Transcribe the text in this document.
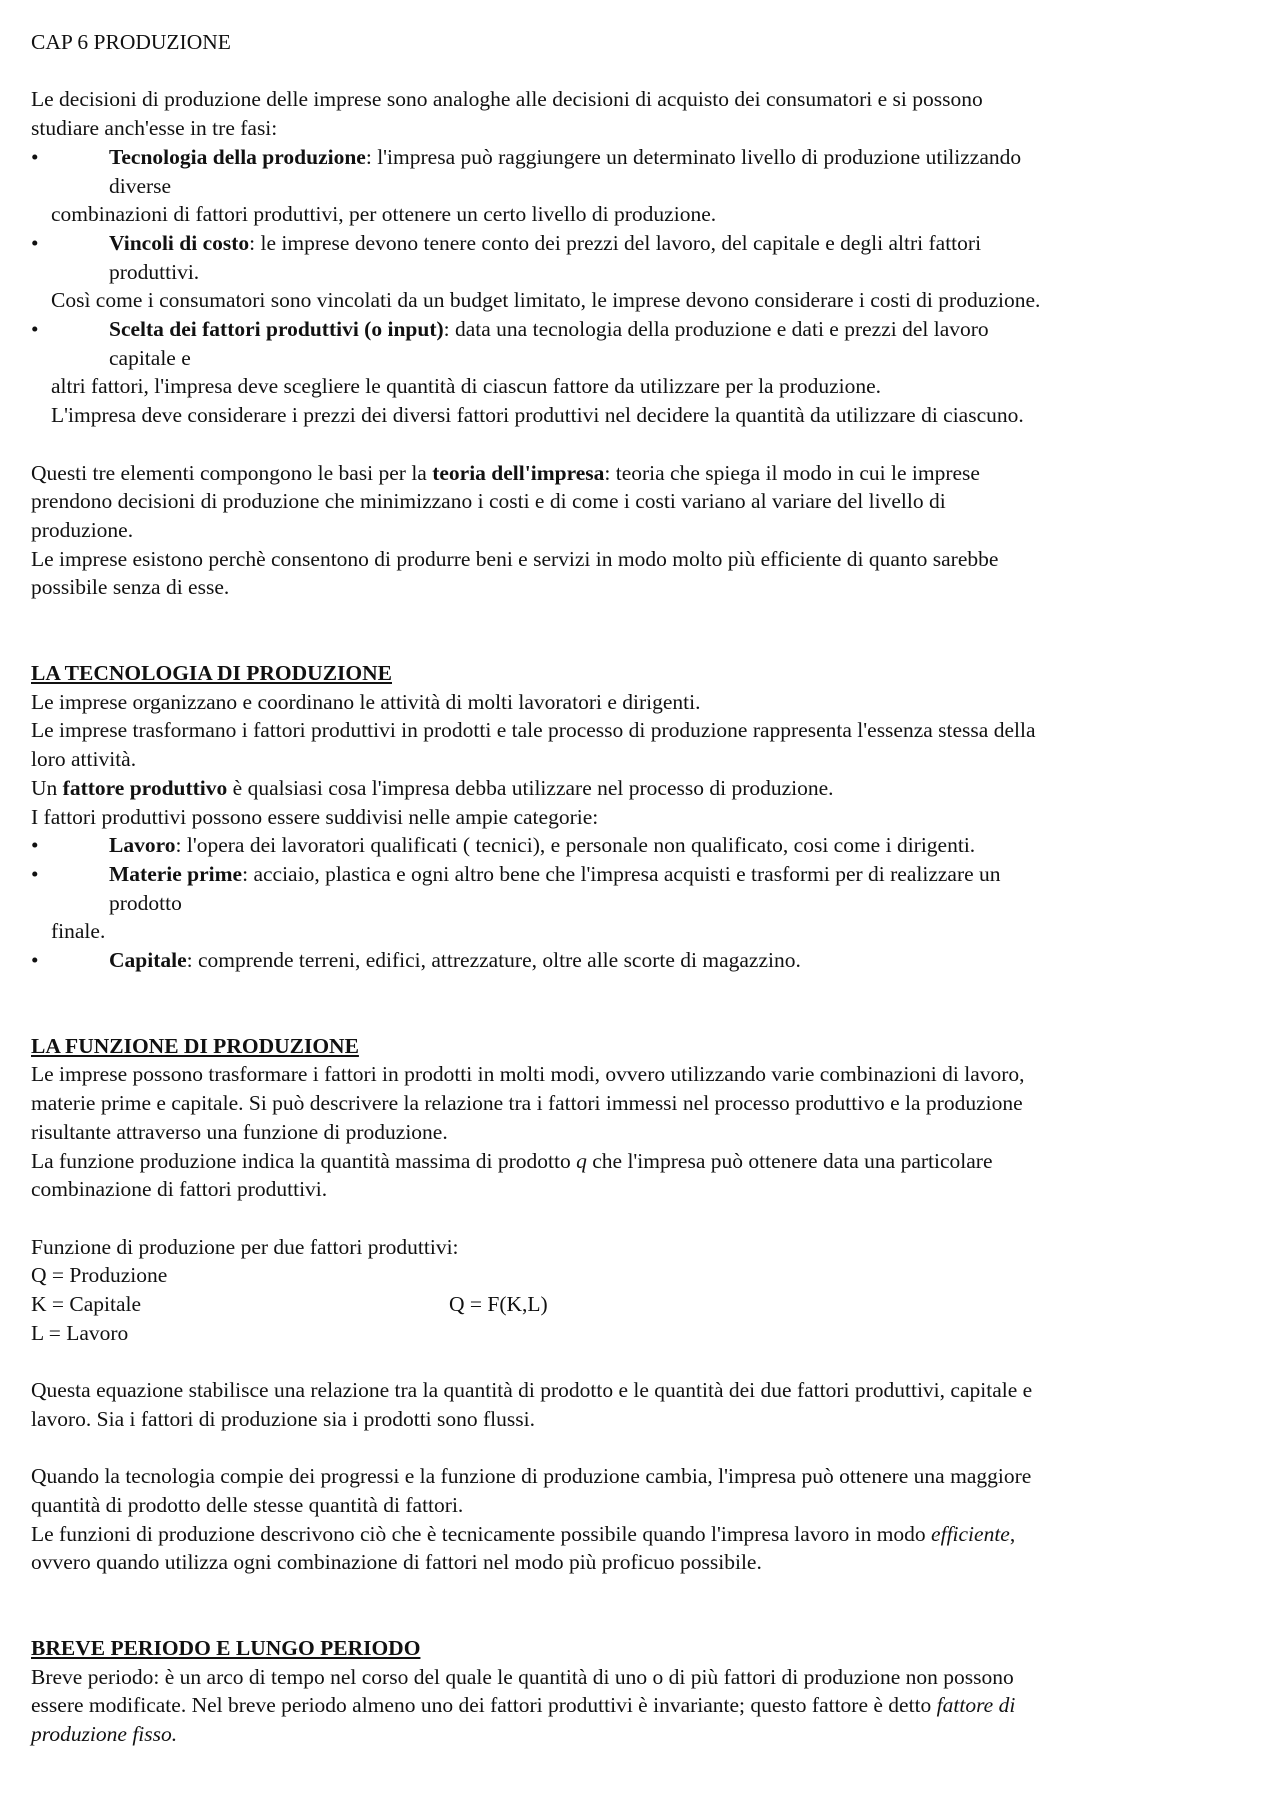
CAP 6 PRODUZIONE
Le decisioni di produzione delle imprese sono analoghe alle decisioni di acquisto dei consumatori e si possono
studiare anch'esse in tre fasi:
•	Tecnologia della produzione: l'impresa può raggiungere un determinato livello di produzione utilizzando
diverse
combinazioni di fattori produttivi, per ottenere un certo livello di produzione.
•	Vincoli di costo: le imprese devono tenere conto dei prezzi del lavoro, del capitale e degli altri fattori
produttivi.
Così come i consumatori sono vincolati da un budget limitato, le imprese devono considerare i costi di produzione.
•	Scelta dei fattori produttivi (o input): data una tecnologia della produzione e dati e prezzi del lavoro
capitale e
altri fattori, l'impresa deve scegliere le quantità di ciascun fattore da utilizzare per la produzione.
L'impresa deve considerare i prezzi dei diversi fattori produttivi nel decidere la quantità da utilizzare di ciascuno.
Questi tre elementi compongono le basi per la teoria dell'impresa: teoria che spiega il modo in cui le imprese
prendono decisioni di produzione che minimizzano i costi e di come i costi variano al variare del livello di
produzione.
Le imprese esistono perchè consentono di produrre beni e servizi in modo molto più efficiente di quanto sarebbe
possibile senza di esse.
LA TECNOLOGIA DI PRODUZIONE
Le imprese organizzano e coordinano le attività di molti lavoratori e dirigenti.
Le imprese trasformano i fattori produttivi in prodotti e tale processo di produzione rappresenta l'essenza stessa della
loro attività.
Un fattore produttivo è qualsiasi cosa l'impresa debba utilizzare nel processo di produzione.
I fattori produttivi possono essere suddivisi nelle ampie categorie:
•	Lavoro: l'opera dei lavoratori qualificati ( tecnici), e personale non qualificato, cosi come i dirigenti.
•	Materie prime: acciaio, plastica e ogni altro bene che l'impresa acquisti e trasformi per di realizzare un
prodotto
finale.
•	Capitale: comprende terreni, edifici, attrezzature, oltre alle scorte di magazzino.
LA FUNZIONE DI PRODUZIONE
Le imprese possono trasformare i fattori in prodotti in molti modi, ovvero utilizzando varie combinazioni di lavoro,
materie prime e capitale. Si può descrivere la relazione tra i fattori immessi nel processo produttivo e la produzione
risultante attraverso una funzione di produzione.
La funzione produzione indica la quantità massima di prodotto q che l'impresa può ottenere data una particolare
combinazione di fattori produttivi.
Funzione di produzione per due fattori produttivi:
Q = Produzione
K = Capitale	Q = F(K,L)
L = Lavoro
Questa equazione stabilisce una relazione tra la quantità di prodotto e le quantità dei due fattori produttivi, capitale e
lavoro. Sia i fattori di produzione sia i prodotti sono flussi.
Quando la tecnologia compie dei progressi e la funzione di produzione cambia, l'impresa può ottenere una maggiore
quantità di prodotto delle stesse quantità di fattori.
Le funzioni di produzione descrivono ciò che è tecnicamente possibile quando l'impresa lavoro in modo efficiente,
ovvero quando utilizza ogni combinazione di fattori nel modo più proficuo possibile.
BREVE PERIODO E LUNGO PERIODO
Breve periodo: è un arco di tempo nel corso del quale le quantità di uno o di più fattori di produzione non possono
essere modificate. Nel breve periodo almeno uno dei fattori produttivi è invariante; questo fattore è detto fattore di
produzione fisso.
